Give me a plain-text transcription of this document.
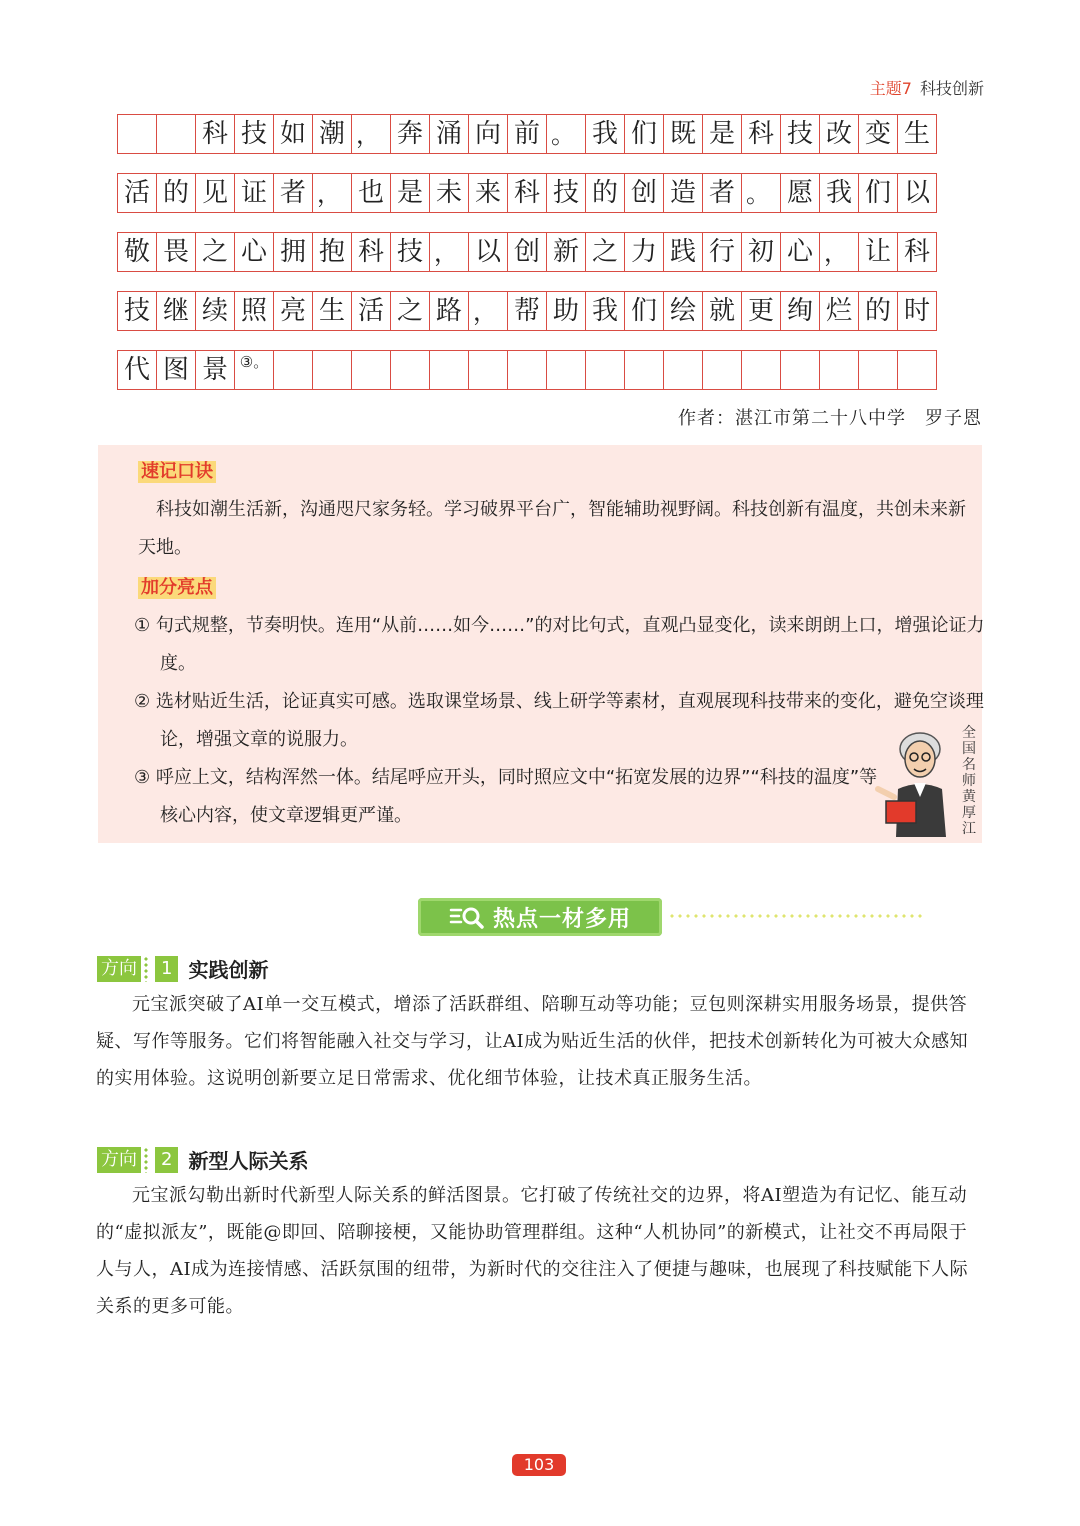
主题7 科技创新
科 技 如 潮 ， 奔 涌 向 前 。 我 们 既 是 科 技 改 变 生
活 的 见 证 者 ， 也 是 未 来 科 技 的 创 造 者 。 愿 我 们 以
敬 畏 之 心 拥 抱 科 技 ， 以 创 新 之 力 践 行 初 心 ， 让 科
技 继 续 照 亮 生 活 之 路 ， 帮 助 我 们 绘 就 更 绚 烂 的 时
代 图 景 ③。
作者：湛江市第二十八中学　罗子恩
速记口诀

科技如潮生活新，沟通咫尺家务轻。学习破界平台广，智能辅助视野阔。科技创新有温度，共创未来新天地。

加分亮点

① 句式规整，节奏明快。连用“从前……如今……”的对比句式，直观凸显变化，读来朗朗上口，增强论证力度。

② 选材贴近生活，论证真实可感。选取课堂场景、线上研学等素材，直观展现科技带来的变化，避免空谈理论，增强文章的说服力。

③ 呼应上文，结构浑然一体。结尾呼应开头，同时照应文中“拓宽发展的边界”“科技的温度”等核心内容，使文章逻辑更严谨。

全国名师黄厚江
热点一材多用
方向	1 实践创新

元宝派突破了AI单一交互模式，增添了活跃群组、陪聊互动等功能；豆包则深耕实用服务场景，提供答疑、写作等服务。它们将智能融入社交与学习，让AI成为贴近生活的伙伴，把技术创新转化为可被大众感知的实用体验。这说明创新要立足日常需求、优化细节体验，让技术真正服务生活。

方向	2 新型人际关系

元宝派勾勒出新时代新型人际关系的鲜活图景。它打破了传统社交的边界，将AI塑造为有记忆、能互动的“虚拟派友”，既能@即回、陪聊接梗，又能协助管理群组。这种“人机协同”的新模式，让社交不再局限于人与人，AI成为连接情感、活跃氛围的纽带，为新时代的交往注入了便捷与趣味，也展现了科技赋能下人际关系的更多可能。

103
